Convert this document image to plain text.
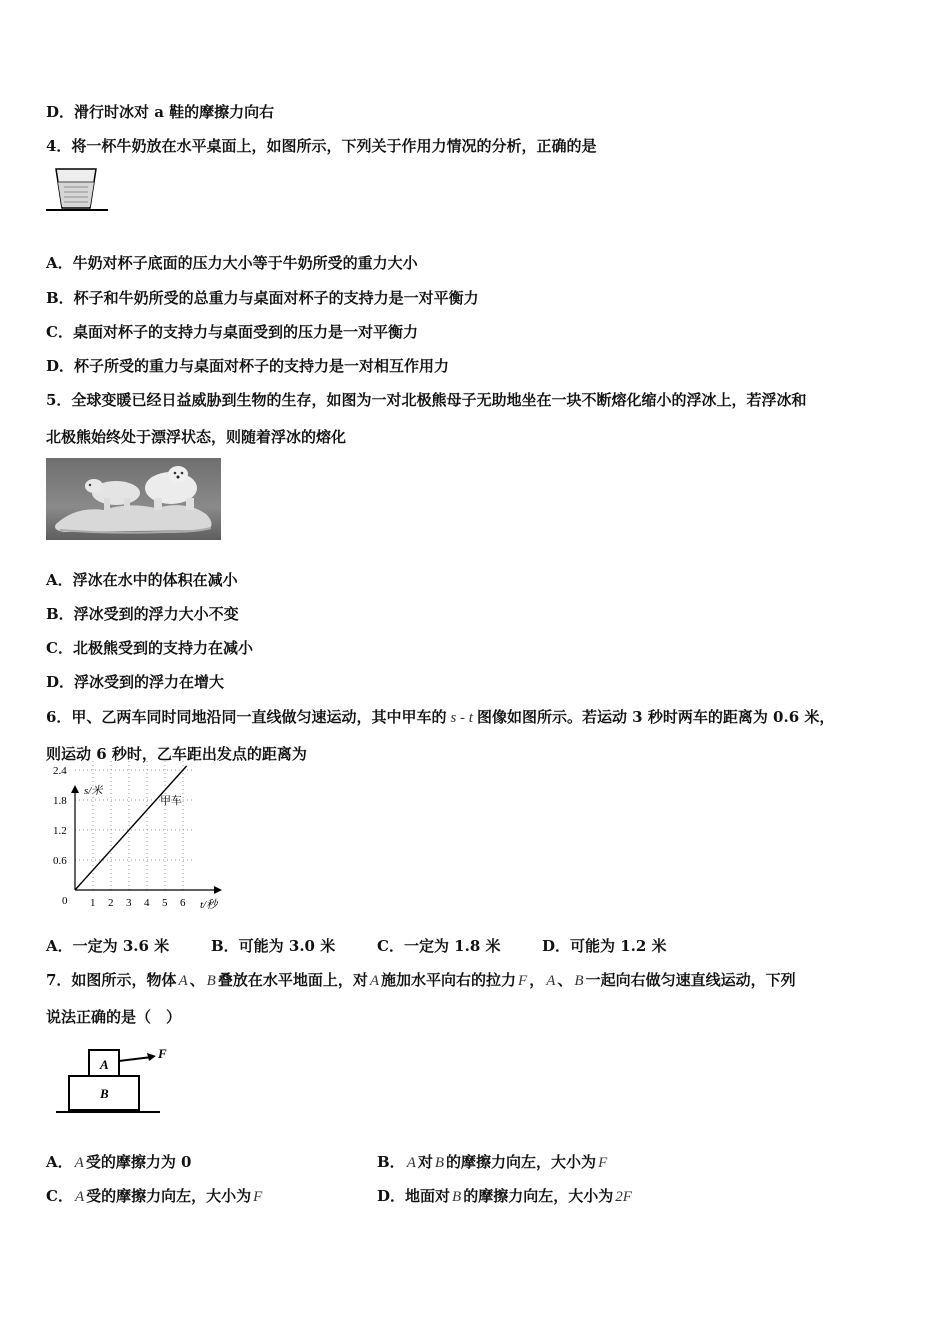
D．滑行时冰对 a 鞋的摩擦力向右
4．将一杯牛奶放在水平桌面上，如图所示，下列关于作用力情况的分析，正确的是
A．牛奶对杯子底面的压力大小等于牛奶所受的重力大小
B．杯子和牛奶所受的总重力与桌面对杯子的支持力是一对平衡力
C．桌面对杯子的支持力与桌面受到的压力是一对平衡力
D．杯子所受的重力与桌面对杯子的支持力是一对相互作用力
5．全球变暖已经日益威胁到生物的生存，如图为一对北极熊母子无助地坐在一块不断熔化缩小的浮冰上，若浮冰和
北极熊始终处于漂浮状态，则随着浮冰的熔化
A．浮冰在水中的体积在减小
B．浮冰受到的浮力大小不变
C．北极熊受到的支持力在减小
D．浮冰受到的浮力在增大
6．甲、乙两车同时同地沿同一直线做匀速运动，其中甲车的 s - t 图像如图所示。若运动 3 秒时两车的距离为 0.6 米，
则运动 6 秒时，乙车距出发点的距离为
1 2 3 4 5 6
0.6
1.2
1.8
2.4
0
s/米
t/秒
甲车
A．一定为 3.6 米	B．可能为 3.0 米	C．一定为 1.8 米	D．可能为 1.2 米
7．如图所示，物体 A 、 B 叠放在水平地面上，对 A 施加水平向右的拉力 F ， A 、 B 一起向右做匀速直线运动，下列
说法正确的是（　）
A
B
F
A． A 受的摩擦力为 0	B． A 对 B 的摩擦力向左，大小为 F
C． A 受的摩擦力向左，大小为 F	D．地面对 B 的摩擦力向左，大小为 2F
